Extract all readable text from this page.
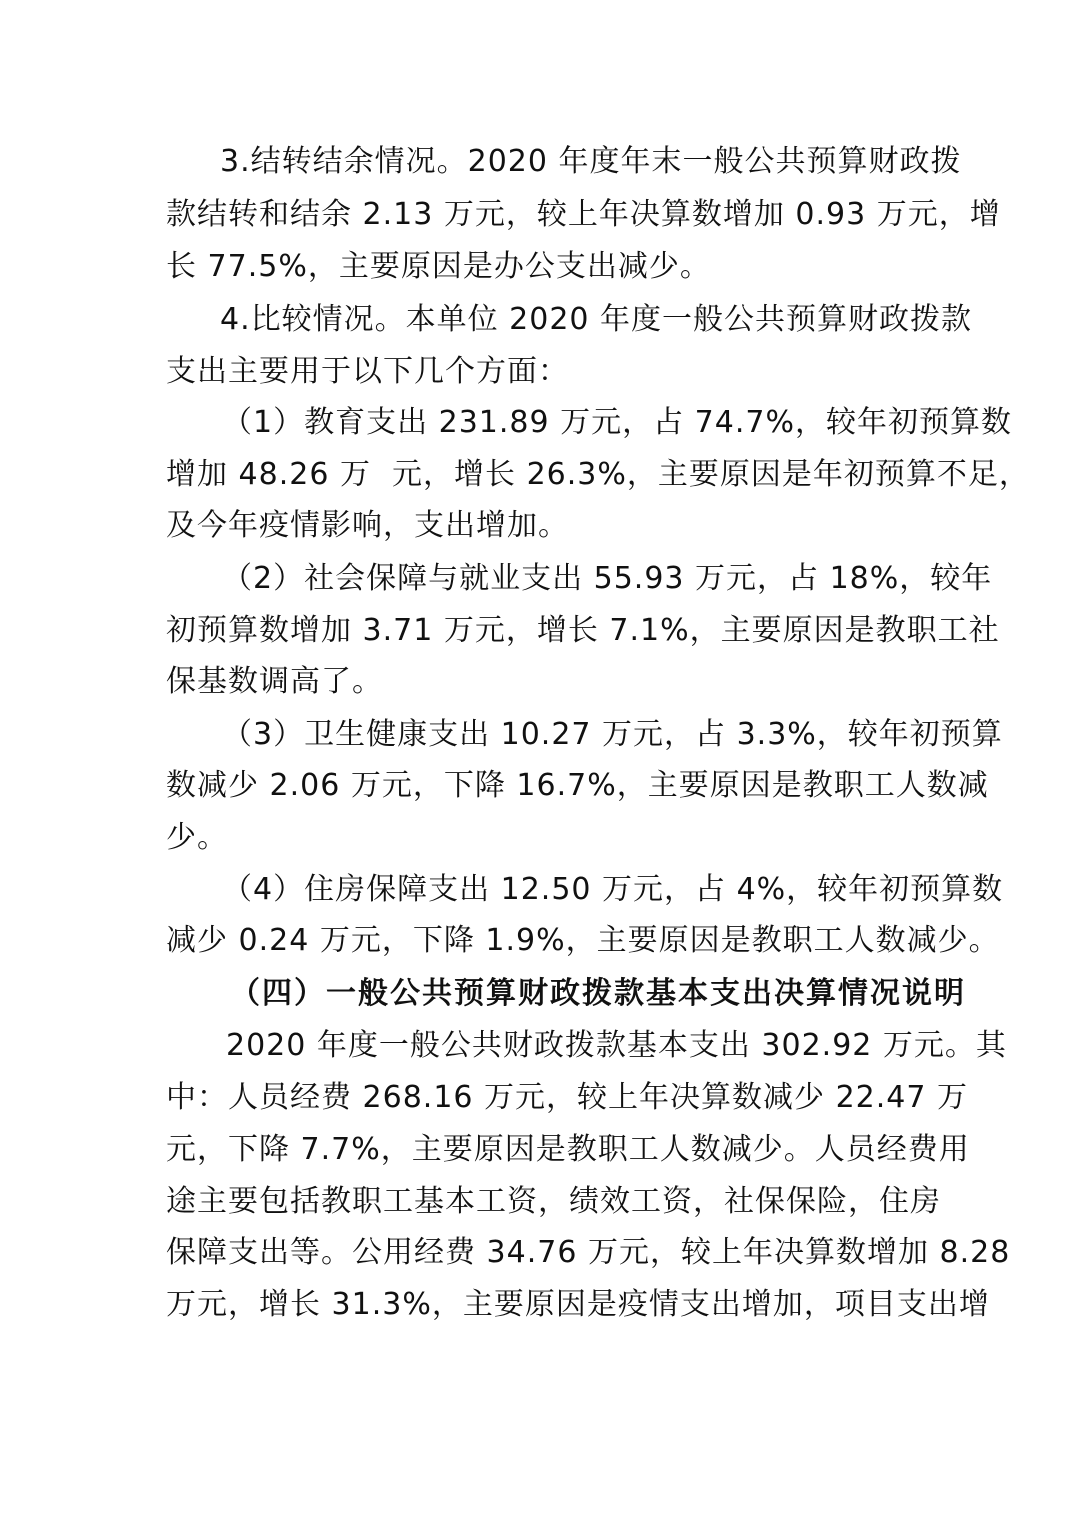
3.结转结余情况。2020 年度年末一般公共预算财政拨
款结转和结余 2.13 万元，较上年决算数增加 0.93 万元，增
长 77.5%，主要原因是办公支出减少。
4.比较情况。本单位 2020 年度一般公共预算财政拨款
支出主要用于以下几个方面：
（1）教育支出 231.89 万元，占 74.7%，较年初预算数
增加 48.26 万  元，增长 26.3%，主要原因是年初预算不足，
及今年疫情影响，支出增加。
（2）社会保障与就业支出 55.93 万元，占 18%，较年
初预算数增加 3.71 万元，增长 7.1%，主要原因是教职工社
保基数调高了。
（3）卫生健康支出 10.27 万元，占 3.3%，较年初预算
数减少 2.06 万元，下降 16.7%，主要原因是教职工人数减
少。
（4）住房保障支出 12.50 万元，占 4%，较年初预算数
减少 0.24 万元，下降 1.9%，主要原因是教职工人数减少。
（四）一般公共预算财政拨款基本支出决算情况说明
2020 年度一般公共财政拨款基本支出 302.92 万元。其
中：人员经费 268.16 万元，较上年决算数减少 22.47 万
元，下降 7.7%，主要原因是教职工人数减少。人员经费用
途主要包括教职工基本工资，绩效工资，社保保险，住房
保障支出等。公用经费 34.76 万元，较上年决算数增加 8.28
万元，增长 31.3%，主要原因是疫情支出增加，项目支出增
